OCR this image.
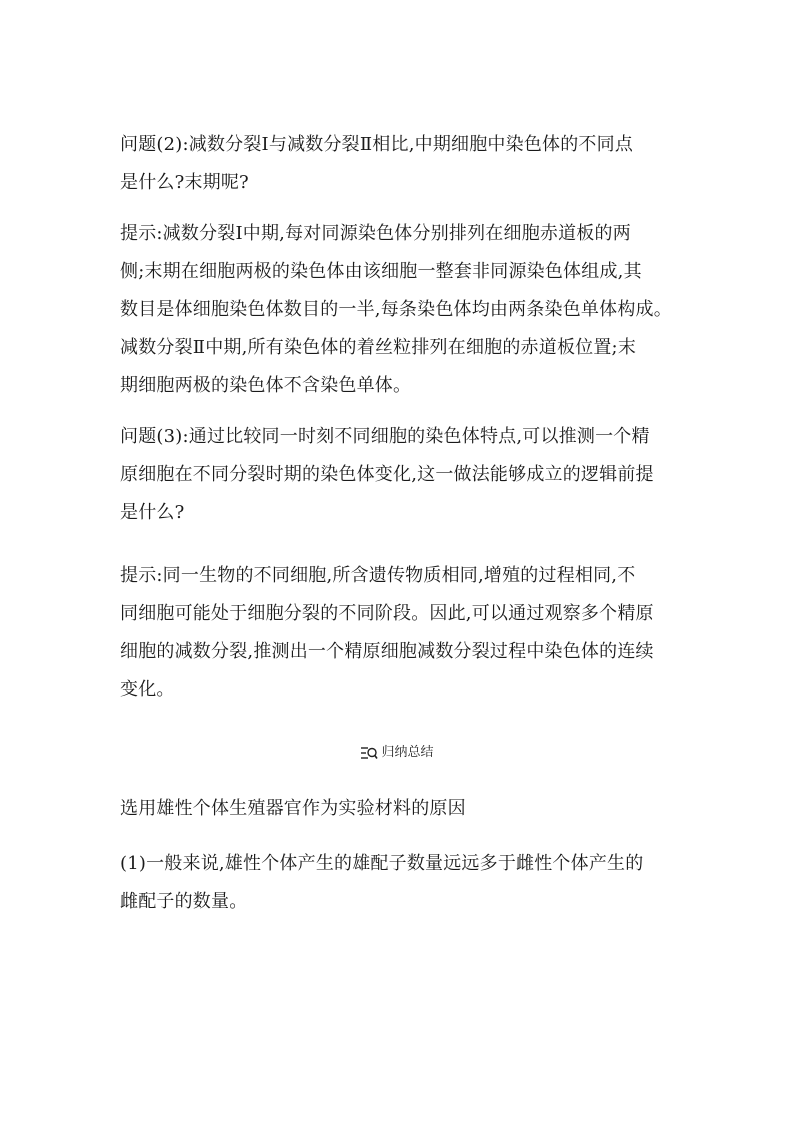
问题(2):减数分裂Ⅰ与减数分裂Ⅱ相比,中期细胞中染色体的不同点
是什么?末期呢?
提示:减数分裂Ⅰ中期,每对同源染色体分别排列在细胞赤道板的两
侧;末期在细胞两极的染色体由该细胞一整套非同源染色体组成,其
数目是体细胞染色体数目的一半,每条染色体均由两条染色单体构成。
减数分裂Ⅱ中期,所有染色体的着丝粒排列在细胞的赤道板位置;末
期细胞两极的染色体不含染色单体。
问题(3):通过比较同一时刻不同细胞的染色体特点,可以推测一个精
原细胞在不同分裂时期的染色体变化,这一做法能够成立的逻辑前提
是什么?
提示:同一生物的不同细胞,所含遗传物质相同,增殖的过程相同,不
同细胞可能处于细胞分裂的不同阶段。因此,可以通过观察多个精原
细胞的减数分裂,推测出一个精原细胞减数分裂过程中染色体的连续
变化。
归纳总结
选用雄性个体生殖器官作为实验材料的原因
(1)一般来说,雄性个体产生的雄配子数量远远多于雌性个体产生的
雌配子的数量。
